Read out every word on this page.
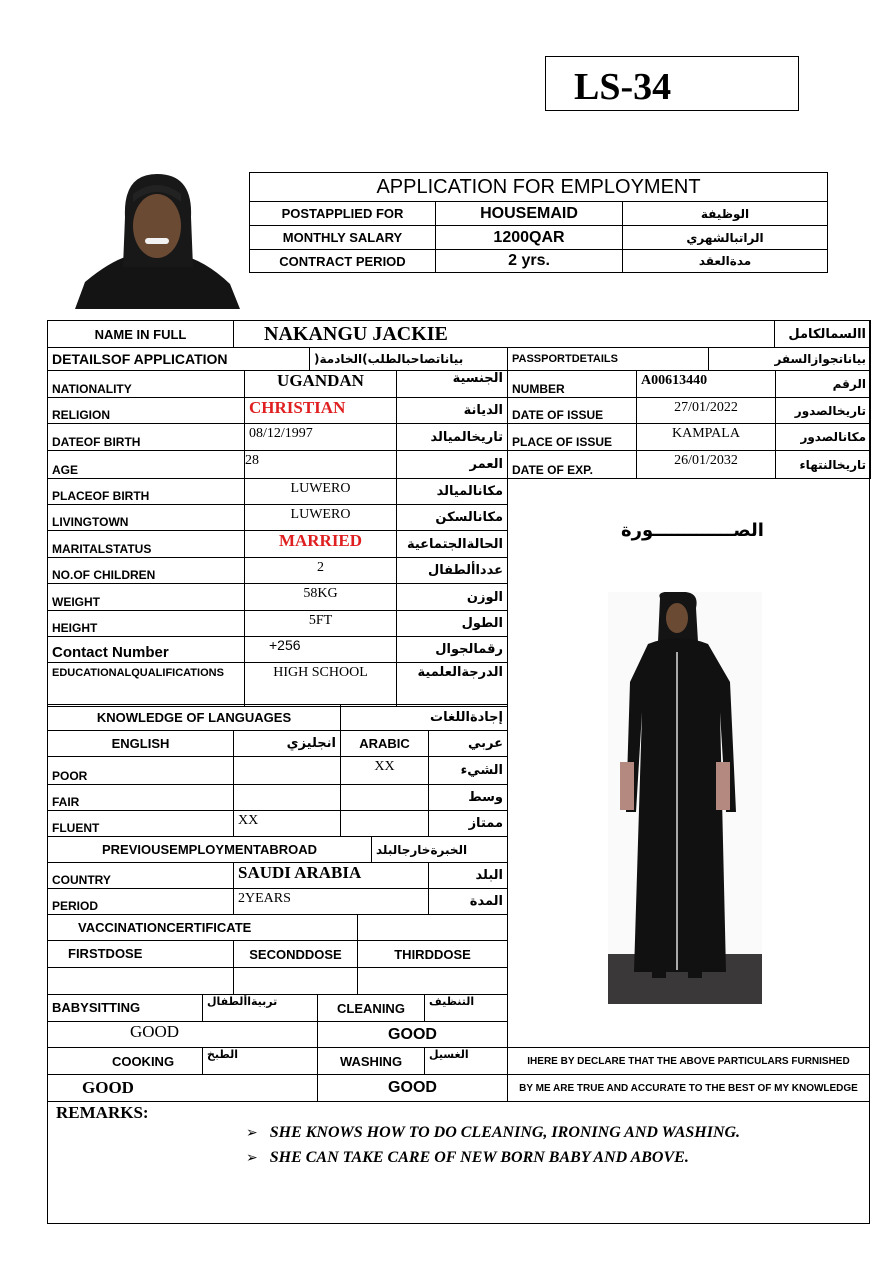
LS-34
APPLICATION FOR EMPLOYMENT		
POSTAPPLIED FOR	HOUSEMAID	الوظيفة
MONTHLY SALARY	1200QAR	الراتبالشهري
CONTRACT PERIOD	2 yrs.	مدةالعقد
NAME IN FULL	NAKANGU JACKIE	االسمالكامل
DETAILSOF APPLICATION	بياناتصاحبالطلب)الخادمة(	PASSPORTDETAILS	بياناتجوازالسفر
NATIONALITY	UGANDAN	الجنسية
RELIGION	CHRISTIAN	الديانة
DATEOF BIRTH	08/12/1997	تاريخالميالد
AGE	28	العمر
PLACEOF BIRTH	LUWERO	مكانالميالد
LIVINGTOWN	LUWERO	مكانالسكن
MARITALSTATUS	MARRIED	الحالةالجتماعية
NO.OF CHILDREN	2	عدداألطفال
WEIGHT	58KG	الوزن
HEIGHT	5FT	الطول
Contact Number	+256	رقمالجوال
EDUCATIONALQUALIFICATIONS	HIGH SCHOOL	الدرجةالعلمية
NUMBER	A00613440	الرقم
DATE OF ISSUE	27/01/2022	تاريخالصدور
PLACE OF ISSUE	KAMPALA	مكانالصدور
DATE OF EXP.	26/01/2032	تاريخالنتهاء
الصـــــــــــــورة
KNOWLEDGE OF LANGUAGES		إجادةاللغات	
ENGLISH	انجليزي	ARABIC	عربي
POOR		XX	الشيء
FAIR			وسط
FLUENT	XX		ممتاز
PREVIOUSEMPLOYMENTABROAD		الخبرةخارجالبلد	
COUNTRY	SAUDI ARABIA		البلد
PERIOD	2YEARS		المدة
VACCINATIONCERTIFICATE		
FIRSTDOSE	SECONDDOSE	THIRDDOSE

BABYSITTING	تربيةاألطفال	CLEANING	التنظيف
GOOD		GOOD	
COOKING	الطبخ	WASHING	الغسيل
GOOD		GOOD	
IHERE BY DECLARE THAT THE ABOVE PARTICULARS FURNISHED
BY ME ARE TRUE AND ACCURATE TO THE BEST OF MY KNOWLEDGE
REMARKS:
➢ SHE KNOWS HOW TO DO CLEANING, IRONING AND WASHING.
➢ SHE CAN TAKE CARE OF NEW BORN BABY AND ABOVE.
